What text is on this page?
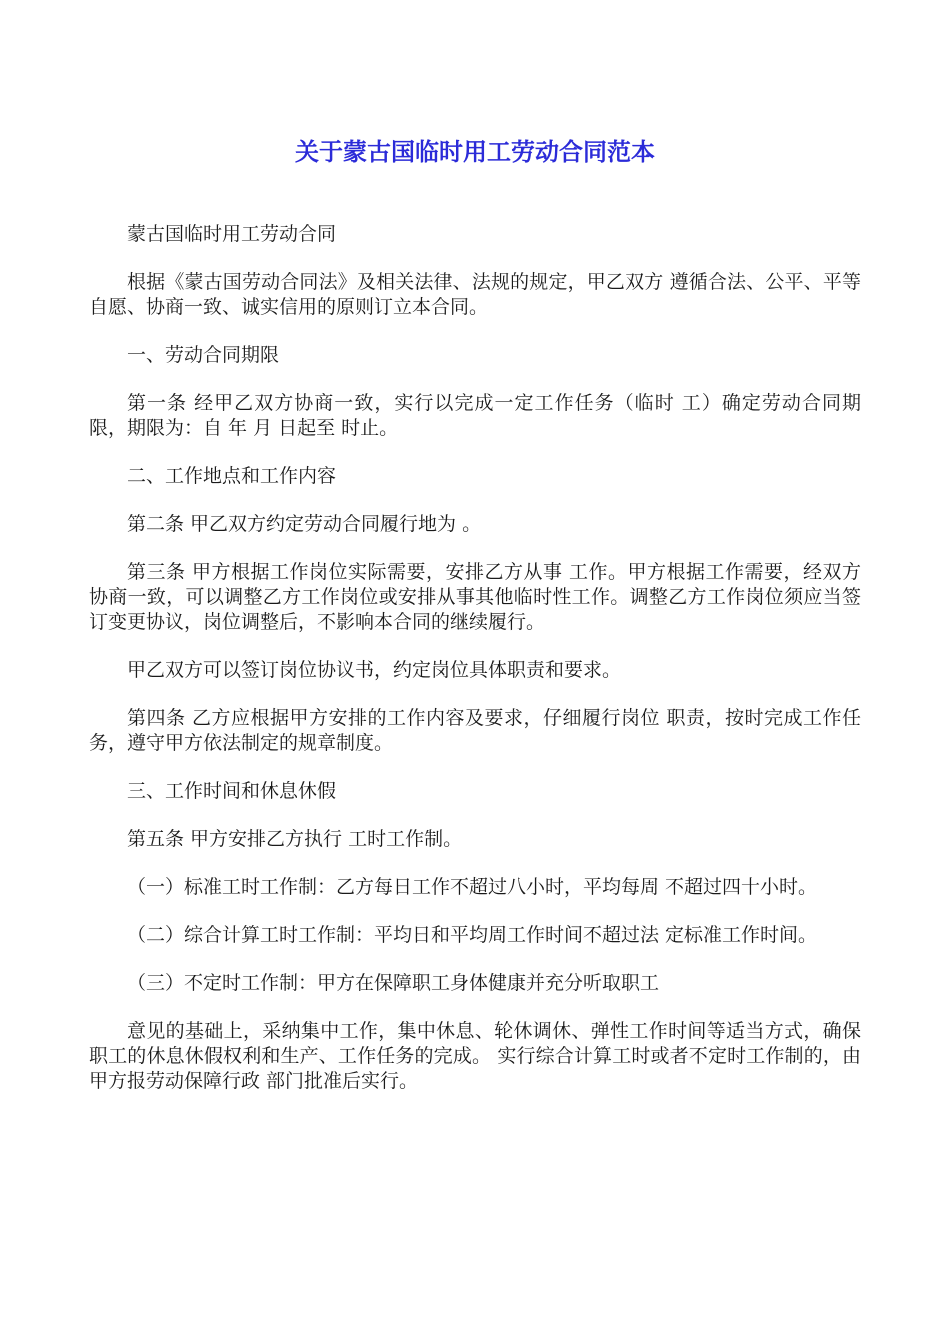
关于蒙古国临时用工劳动合同范本

蒙古国临时用工劳动合同

根据《蒙古国劳动合同法》及相关法律、法规的规定，甲乙双方 遵循合法、公平、平等自愿、协商一致、诚实信用的原则订立本合同。

一、劳动合同期限

第一条 经甲乙双方协商一致，实行以完成一定工作任务（临时 工）确定劳动合同期限，期限为：自 年 月 日起至 时止。

二、工作地点和工作内容

第二条 甲乙双方约定劳动合同履行地为 。

第三条 甲方根据工作岗位实际需要，安排乙方从事 工作。甲方根据工作需要，经双方协商一致，可以调整乙方工作岗位或安排从事其他临时性工作。调整乙方工作岗位须应当签订变更协议，岗位调整后，不影响本合同的继续履行。

甲乙双方可以签订岗位协议书，约定岗位具体职责和要求。

第四条 乙方应根据甲方安排的工作内容及要求，仔细履行岗位 职责，按时完成工作任务，遵守甲方依法制定的规章制度。

三、工作时间和休息休假

第五条 甲方安排乙方执行 工时工作制。

（一）标准工时工作制：乙方每日工作不超过八小时，平均每周 不超过四十小时。

（二）综合计算工时工作制：平均日和平均周工作时间不超过法 定标准工作时间。

（三）不定时工作制：甲方在保障职工身体健康并充分听取职工

意见的基础上，采纳集中工作，集中休息、轮休调休、弹性工作时间等适当方式，确保职工的休息休假权利和生产、工作任务的完成。 实行综合计算工时或者不定时工作制的，由甲方报劳动保障行政 部门批准后实行。
